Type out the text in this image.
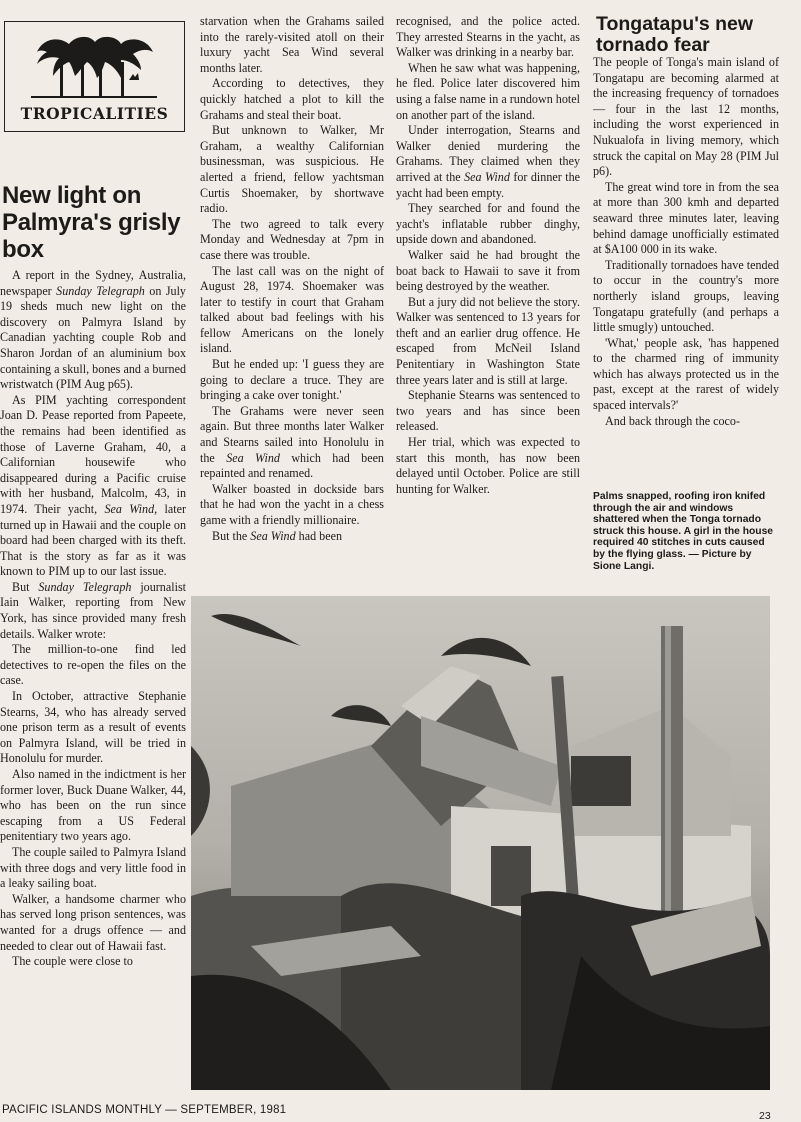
TROPICALITIES
New light on Palmyra's grisly box

A report in the Sydney, Australia, newspaper Sunday Telegraph on July 19 sheds much new light on the discovery on Palmyra Island by Canadian yachting couple Rob and Sharon Jordan of an aluminium box containing a skull, bones and a burned wristwatch (PIM Aug p65).

As PIM yachting correspondent Joan D. Pease reported from Papeete, the remains had been identified as those of Laverne Graham, 40, a Californian housewife who disappeared during a Pacific cruise with her husband, Malcolm, 43, in 1974. Their yacht, Sea Wind, later turned up in Hawaii and the couple on board had been charged with its theft. That is the story as far as it was known to PIM up to our last issue.

But Sunday Telegraph journalist Iain Walker, reporting from New York, has since provided many fresh details. Walker wrote:

The million-to-one find led detectives to re-open the files on the case.

In October, attractive Stephanie Stearns, 34, who has already served one prison term as a result of events on Palmyra Island, will be tried in Honolulu for murder.

Also named in the indictment is her former lover, Buck Duane Walker, 44, who has been on the run since escaping from a US Federal penitentiary two years ago.

The couple sailed to Palmyra Island with three dogs and very little food in a leaky sailing boat.

Walker, a handsome charmer who has served long prison sentences, was wanted for a drugs offence — and needed to clear out of Hawaii fast.

The couple were close to

starvation when the Grahams sailed into the rarely-visited atoll on their luxury yacht Sea Wind several months later.

According to detectives, they quickly hatched a plot to kill the Grahams and steal their boat.

But unknown to Walker, Mr Graham, a wealthy Californian businessman, was suspicious. He alerted a friend, fellow yachtsman Curtis Shoemaker, by shortwave radio.

The two agreed to talk every Monday and Wednesday at 7pm in case there was trouble.

The last call was on the night of August 28, 1974. Shoemaker was later to testify in court that Graham talked about bad feelings with his fellow Americans on the lonely island.

But he ended up: 'I guess they are going to declare a truce. They are bringing a cake over tonight.'

The Grahams were never seen again. But three months later Walker and Stearns sailed into Honolulu in the Sea Wind which had been repainted and renamed.

Walker boasted in dockside bars that he had won the yacht in a chess game with a friendly millionaire.

But the Sea Wind had been

recognised, and the police acted. They arrested Stearns in the yacht, as Walker was drinking in a nearby bar.

When he saw what was happening, he fled. Police later discovered him using a false name in a rundown hotel on another part of the island.

Under interrogation, Stearns and Walker denied murdering the Grahams. They claimed when they arrived at the Sea Wind for dinner the yacht had been empty.

They searched for and found the yacht's inflatable rubber dinghy, upside down and abandoned.

Walker said he had brought the boat back to Hawaii to save it from being destroyed by the weather.

But a jury did not believe the story. Walker was sentenced to 13 years for theft and an earlier drug offence. He escaped from McNeil Island Penitentiary in Washington State three years later and is still at large.

Stephanie Stearns was sentenced to two years and has since been released.

Her trial, which was expected to start this month, has now been delayed until October. Police are still hunting for Walker.

Tongatapu's new tornado fear

The people of Tonga's main island of Tongatapu are becoming alarmed at the increasing frequency of tornadoes — four in the last 12 months, including the worst experienced in Nukualofa in living memory, which struck the capital on May 28 (PIM Jul p6).

The great wind tore in from the sea at more than 300 kmh and departed seaward three minutes later, leaving behind damage unofficially estimated at $A100 000 in its wake.

Traditionally tornadoes have tended to occur in the country's more northerly island groups, leaving Tongatapu gratefully (and perhaps a little smugly) untouched.

'What,' people ask, 'has happened to the charmed ring of immunity which has always protected us in the past, except at the rarest of widely spaced intervals?'

And back through the coco-

Palms snapped, roofing iron knifed through the air and windows shattered when the Tonga tornado struck this house. A girl in the house required 40 stitches in cuts caused by the flying glass. — Picture by Sione Langi.

PACIFIC ISLANDS MONTHLY — SEPTEMBER, 1981	23
